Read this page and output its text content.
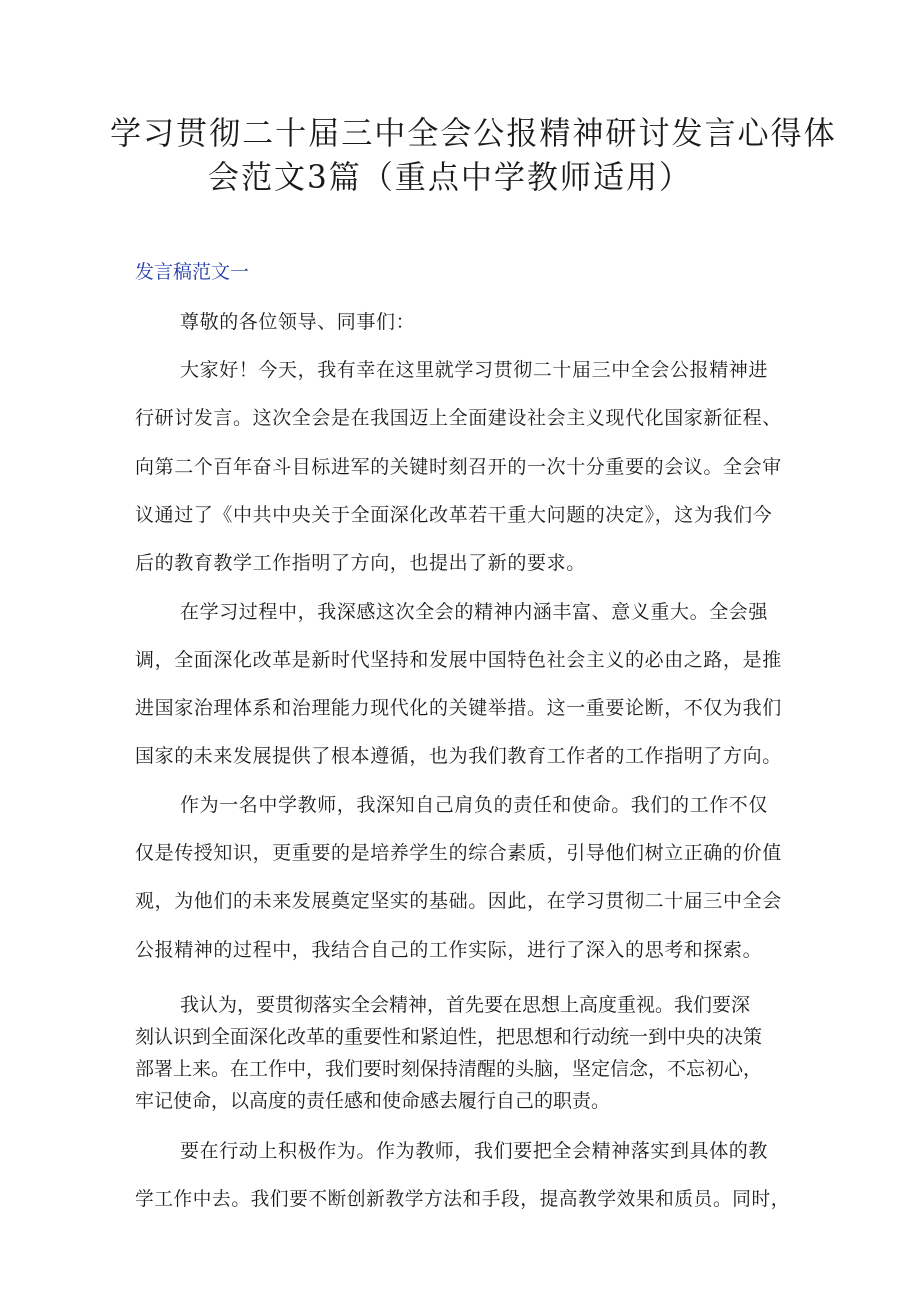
学习贯彻二十届三中全会公报精神研讨发言心得体
会范文3篇（重点中学教师适用）
发言稿范文一

尊敬的各位领导、同事们：

大家好！今天，我有幸在这里就学习贯彻二十届三中全会公报精神进

行研讨发言。这次全会是在我国迈上全面建设社会主义现代化国家新征程、

向第二个百年奋斗目标进军的关键时刻召开的一次十分重要的会议。全会审

议通过了《中共中央关于全面深化改革若干重大问题的决定》，这为我们今

后的教育教学工作指明了方向，也提出了新的要求。

在学习过程中，我深感这次全会的精神内涵丰富、意义重大。全会强

调，全面深化改革是新时代坚持和发展中国特色社会主义的必由之路，是推

进国家治理体系和治理能力现代化的关键举措。这一重要论断，不仅为我们

国家的未来发展提供了根本遵循，也为我们教育工作者的工作指明了方向。

作为一名中学教师，我深知自己肩负的责任和使命。我们的工作不仅

仅是传授知识，更重要的是培养学生的综合素质，引导他们树立正确的价值

观，为他们的未来发展奠定坚实的基础。因此，在学习贯彻二十届三中全会

公报精神的过程中，我结合自己的工作实际，进行了深入的思考和探索。

我认为，要贯彻落实全会精神，首先要在思想上高度重视。我们要深

刻认识到全面深化改革的重要性和紧迫性，把思想和行动统一到中央的决策

部署上来。在工作中，我们要时刻保持清醒的头脑，坚定信念，不忘初心，

牢记使命，以高度的责任感和使命感去履行自己的职责。

要在行动上积极作为。作为教师，我们要把全会精神落实到具体的教

学工作中去。我们要不断创新教学方法和手段，提高教学效果和质员。同时，
